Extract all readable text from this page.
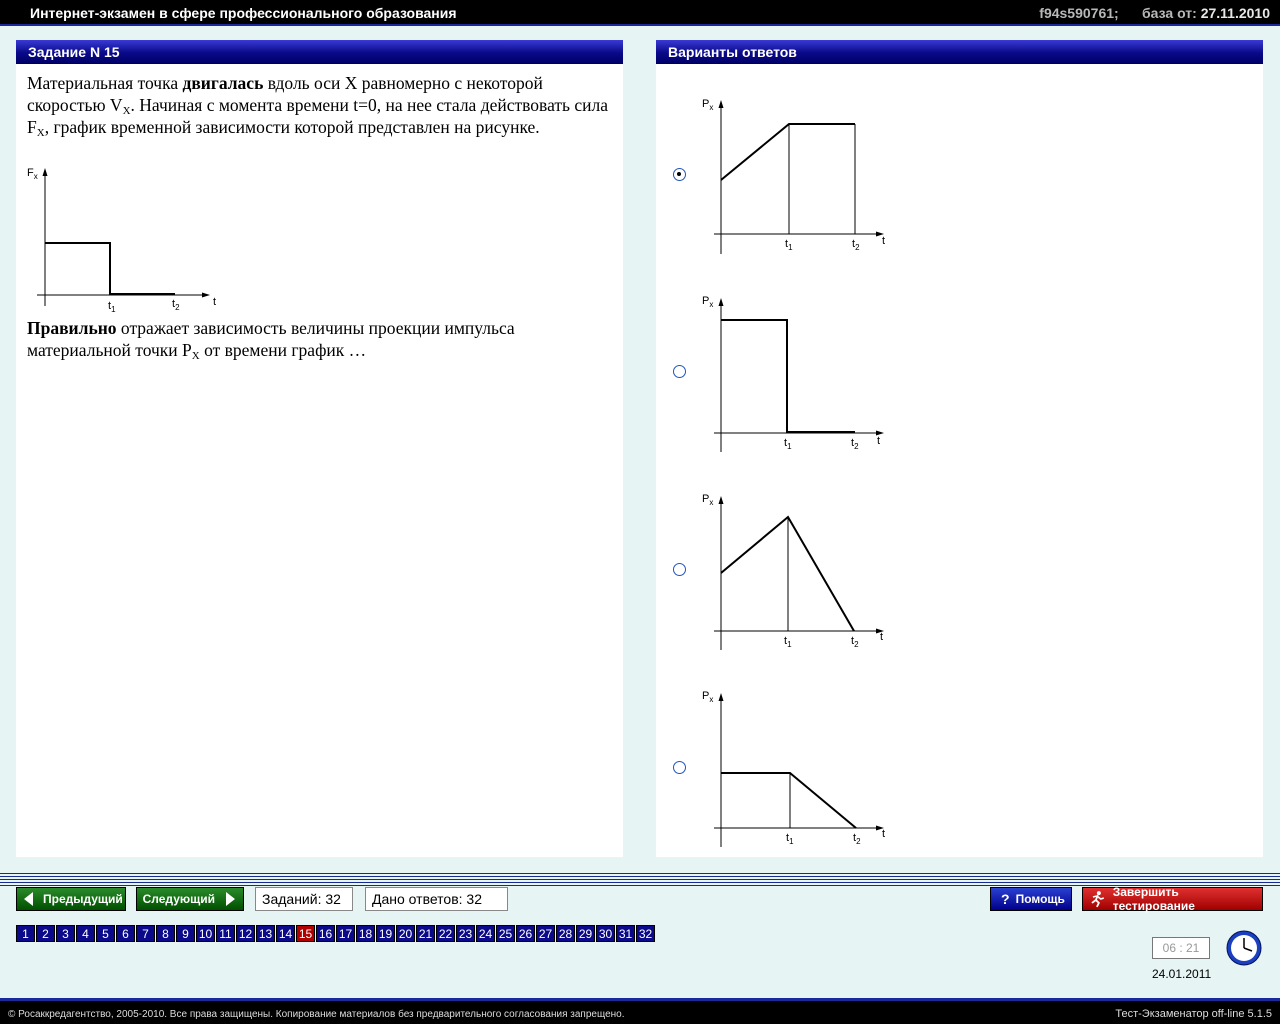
Интернет-экзамен в сфере профессионального образования	f94s590761; база от: 27.11.2010
Задание N 15

Материальная точка двигалась вдоль оси X равномерно с некоторой скоростью $V_X$. Начиная с момента времени t=0, на нее стала действовать сила $F_X$, график временной зависимости которой представлен на рисунке.

$F_x$
$t_1$	$t_2$	t

Правильно отражает зависимость величины проекции импульса материальной точки $P_X$ от времени график …

Варианты ответов
$P_x$
$t_1$	$t_2$
t
$P_x$
$t_1$	$t_2$ t
$P_x$
$t_1$	$t_2$
t
$P_x$
$t_1$	$t_2$
t
Предыдущий Следующий	Заданий: 32	Дано ответов: 32	? Помощь	Завершить тестирование
1	2	3	4	5	6	7	8	9 10 11 12 13 14 15 16 17 18 19 20 21 22 23 24 25 26 27 28 29 30 31 32
06 : 21
24.01.2011
© Росаккредагентство, 2005-2010. Все права защищены. Копирование материалов без предварительного согласования запрещено.	Тест-Экзаменатор off-line 5.1.5
